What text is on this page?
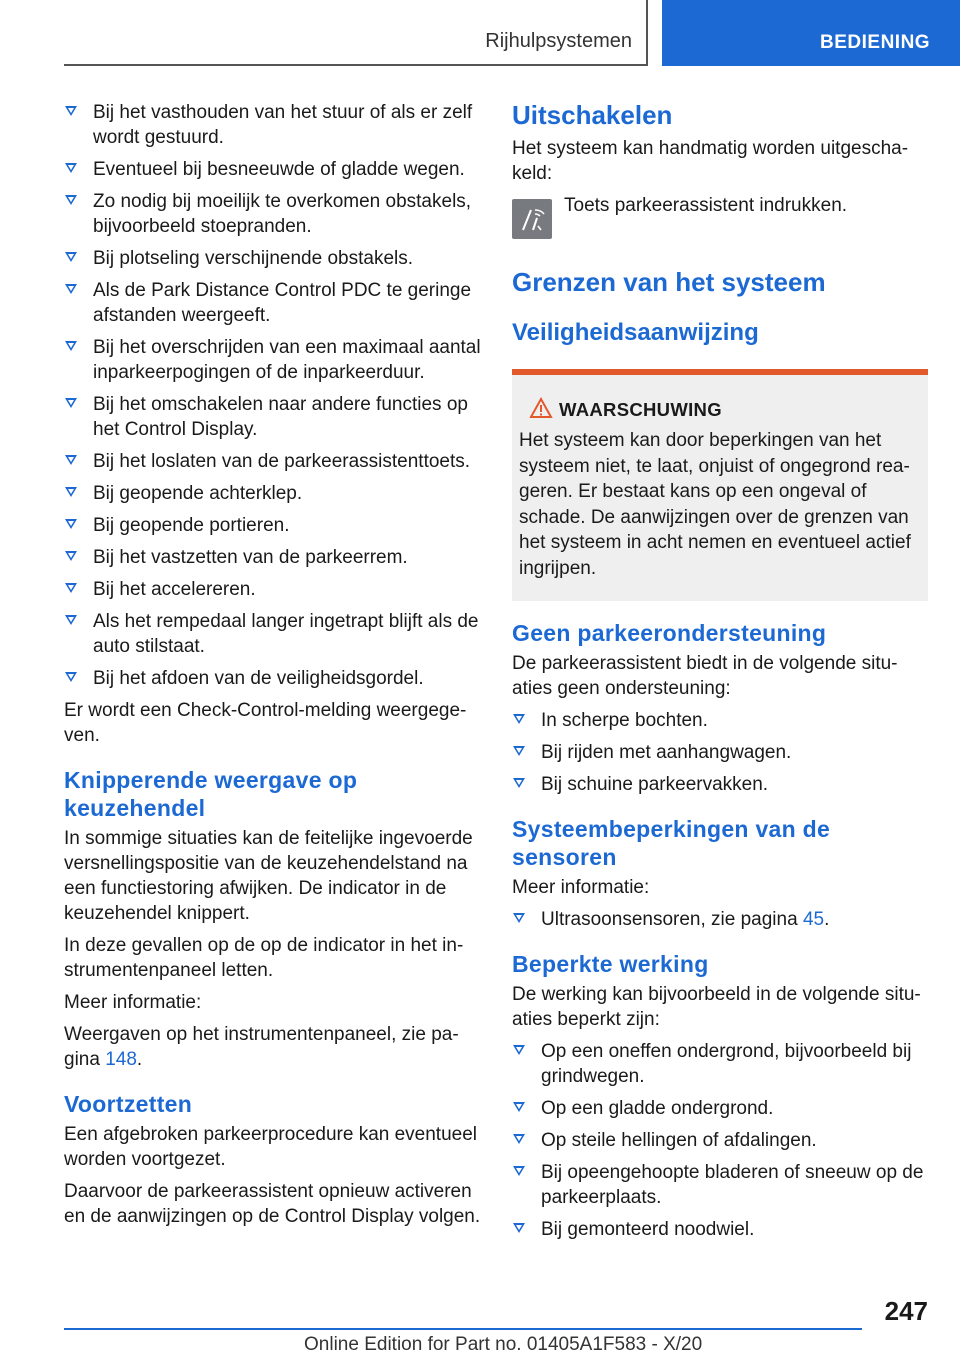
Rijhulpsystemen	BEDIENING
Bij het vasthouden van het stuur of als er zelf wordt gestuurd.
Eventueel bij besneeuwde of gladde wegen.
Zo nodig bij moeilijk te overkomen obstakels, bijvoorbeeld stoepranden.
Bij plotseling verschijnende obstakels.
Als de Park Distance Control PDC te geringe afstanden weergeeft.
Bij het overschrijden van een maximaal aantal inparkeerpogingen of de inparkeerduur.
Bij het omschakelen naar andere functies op het Control Display.
Bij het loslaten van de parkeerassistenttoets.
Bij geopende achterklep.
Bij geopende portieren.
Bij het vastzetten van de parkeerrem.
Bij het accelereren.
Als het rempedaal langer ingetrapt blijft als de auto stilstaat.
Bij het afdoen van de veiligheidsgordel.

Er wordt een Check-Control-melding weergege-ven.

Knipperende weergave op keuzehendel

In sommige situaties kan de feitelijke ingevoerde versnellingspositie van de keuzehendelstand na een functiestoring afwijken. De indicator in de keuzehendel knippert.

In deze gevallen op de op de indicator in het in-strumentenpaneel letten.

Meer informatie:

Weergaven op het instrumentenpaneel, zie pa-gina 148.

Voortzetten

Een afgebroken parkeerprocedure kan eventueel worden voortgezet.

Daarvoor de parkeerassistent opnieuw activeren en de aanwijzingen op de Control Display volgen.

Uitschakelen

Het systeem kan handmatig worden uitgescha-keld:

Toets parkeerassistent indrukken.
Grenzen van het systeem
Veiligheidsaanwijzing
WAARSCHUWING

Het systeem kan door beperkingen van het systeem niet, te laat, onjuist of ongegrond rea-geren. Er bestaat kans op een ongeval of schade. De aanwijzingen over de grenzen van het systeem in acht nemen en eventueel actief ingrijpen.

Geen parkeerondersteuning

De parkeerassistent biedt in de volgende situ-aties geen ondersteuning:

In scherpe bochten.
Bij rijden met aanhangwagen.
Bij schuine parkeervakken.
Systeembeperkingen van de sensoren

Meer informatie:

Ultrasoonsensoren, zie pagina 45.
Beperkte werking

De werking kan bijvoorbeeld in de volgende situ-aties beperkt zijn:

Op een oneffen ondergrond, bijvoorbeeld bij grindwegen.
Op een gladde ondergrond.
Op steile hellingen of afdalingen.
Bij opeengehoopte bladeren of sneeuw op de parkeerplaats.
Bij gemonteerd noodwiel.
247
Online Edition for Part no. 01405A1F583 - X/20
